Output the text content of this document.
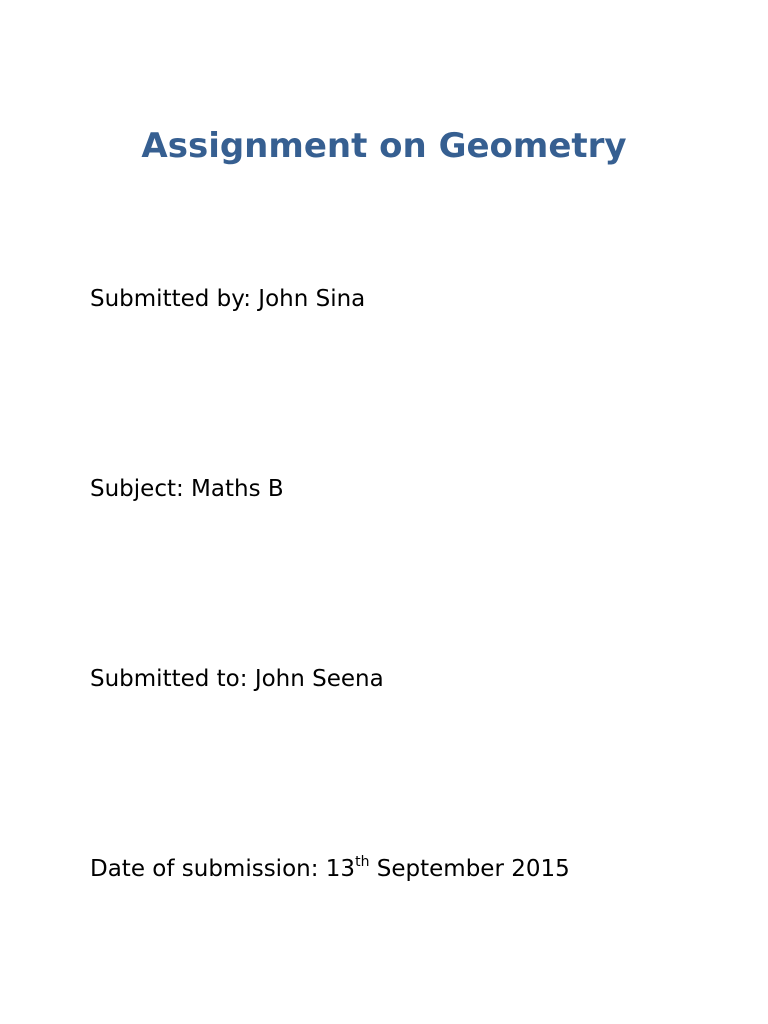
Assignment on Geometry

Submitted by: John Sina

Subject: Maths B

Submitted to: John Seena

Date of submission: 13th September 2015
